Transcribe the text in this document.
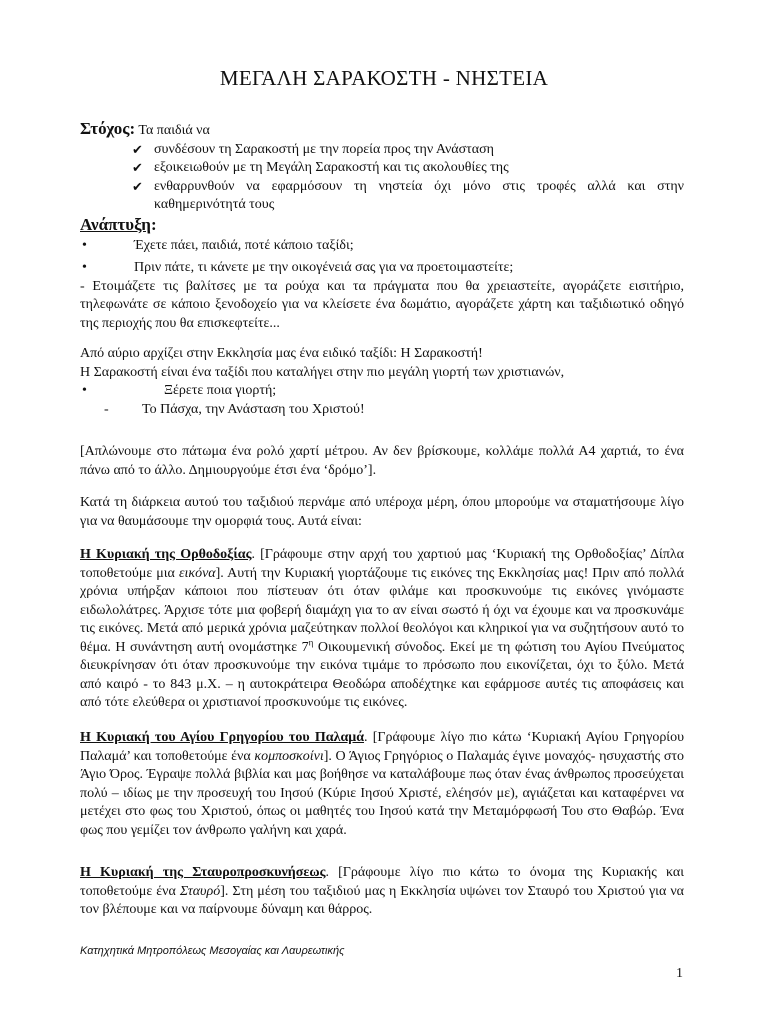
ΜΕΓΑΛΗ ΣΑΡΑΚΟΣΤΗ - ΝΗΣΤΕΙΑ
Στόχος: Τα παιδιά να
✔ συνδέσουν τη Σαρακοστή με την πορεία προς την Ανάσταση
✔ εξοικειωθούν με τη Μεγάλη Σαρακοστή και τις ακολουθίες της
✔ ενθαρρυνθούν να εφαρμόσουν τη νηστεία όχι μόνο στις τροφές αλλά και στην καθημερινότητά τους
Ανάπτυξη:
•	Έχετε πάει, παιδιά, ποτέ κάποιο ταξίδι;
•	Πριν πάτε, τι κάνετε με την οικογένειά σας για να προετοιμαστείτε;
- Ετοιμάζετε τις βαλίτσες με τα ρούχα και τα πράγματα που θα χρειαστείτε, αγοράζετε εισιτήριο, τηλεφωνάτε σε κάποιο ξενοδοχείο για να κλείσετε ένα δωμάτιο, αγοράζετε χάρτη και ταξιδιωτικό οδηγό της περιοχής που θα επισκεφτείτε...
Από αύριο αρχίζει στην Εκκλησία μας ένα ειδικό ταξίδι: Η Σαρακοστή!
Η Σαρακοστή είναι ένα ταξίδι που καταλήγει στην πιο μεγάλη γιορτή των χριστιανών,
•	Ξέρετε ποια γιορτή;
-	Το Πάσχα, την Ανάσταση του Χριστού!
[Απλώνουμε στο πάτωμα ένα ρολό χαρτί μέτρου. Αν δεν βρίσκουμε, κολλάμε πολλά Α4 χαρτιά, το ένα πάνω από το άλλο. Δημιουργούμε έτσι ένα ‘δρόμο’].
Κατά τη διάρκεια αυτού του ταξιδιού περνάμε από υπέροχα μέρη, όπου μπορούμε να σταματήσουμε λίγο για να θαυμάσουμε την ομορφιά τους. Αυτά είναι:
Η Κυριακή της Ορθοδοξίας. [Γράφουμε στην αρχή του χαρτιού μας ‘Κυριακή της Ορθοδοξίας’ Δίπλα τοποθετούμε μια εικόνα]. Αυτή την Κυριακή γιορτάζουμε τις εικόνες της Εκκλησίας μας! Πριν από πολλά χρόνια υπήρξαν κάποιοι που πίστευαν ότι όταν φιλάμε και προσκυνούμε τις εικόνες γινόμαστε ειδωλολάτρες. Άρχισε τότε μια φοβερή διαμάχη για το αν είναι σωστό ή όχι να έχουμε και να προσκυνάμε τις εικόνες. Μετά από μερικά χρόνια μαζεύτηκαν πολλοί θεολόγοι και κληρικοί για να συζητήσουν αυτό το θέμα. Η συνάντηση αυτή ονομάστηκε $7^\eta$ Οικουμενική σύνοδος. Εκεί με τη φώτιση του Αγίου Πνεύματος διευκρίνησαν ότι όταν προσκυνούμε την εικόνα τιμάμε το πρόσωπο που εικονίζεται, όχι το ξύλο. Μετά από καιρό - το 843 μ.Χ. – η αυτοκράτειρα Θεοδώρα αποδέχτηκε και εφάρμοσε αυτές τις αποφάσεις και από τότε ελεύθερα οι χριστιανοί προσκυνούμε τις εικόνες.
Η Κυριακή του Αγίου Γρηγορίου του Παλαμά. [Γράφουμε λίγο πιο κάτω ‘Κυριακή Αγίου Γρηγορίου Παλαμά’ και τοποθετούμε ένα κομποσκοίνι]. Ο Άγιος Γρηγόριος ο Παλαμάς έγινε μοναχός- ησυχαστής στο Άγιο Όρος. Έγραψε πολλά βιβλία και μας βοήθησε να καταλάβουμε πως όταν ένας άνθρωπος προσεύχεται πολύ – ιδίως με την προσευχή του Ιησού (Κύριε Ιησού Χριστέ, ελέησόν με), αγιάζεται και καταφέρνει να μετέχει στο φως του Χριστού, όπως οι μαθητές του Ιησού κατά την Μεταμόρφωσή Του στο Θαβώρ. Ένα φως που γεμίζει τον άνθρωπο γαλήνη και χαρά.
Η Κυριακή της Σταυροπροσκυνήσεως. [Γράφουμε λίγο πιο κάτω το όνομα της Κυριακής και τοποθετούμε ένα Σταυρό]. Στη μέση του ταξιδιού μας η Εκκλησία υψώνει τον Σταυρό του Χριστού για να τον βλέπουμε και να παίρνουμε δύναμη και θάρρος.
Κατηχητικά Μητροπόλεως Μεσογαίας και Λαυρεωτικής
1
